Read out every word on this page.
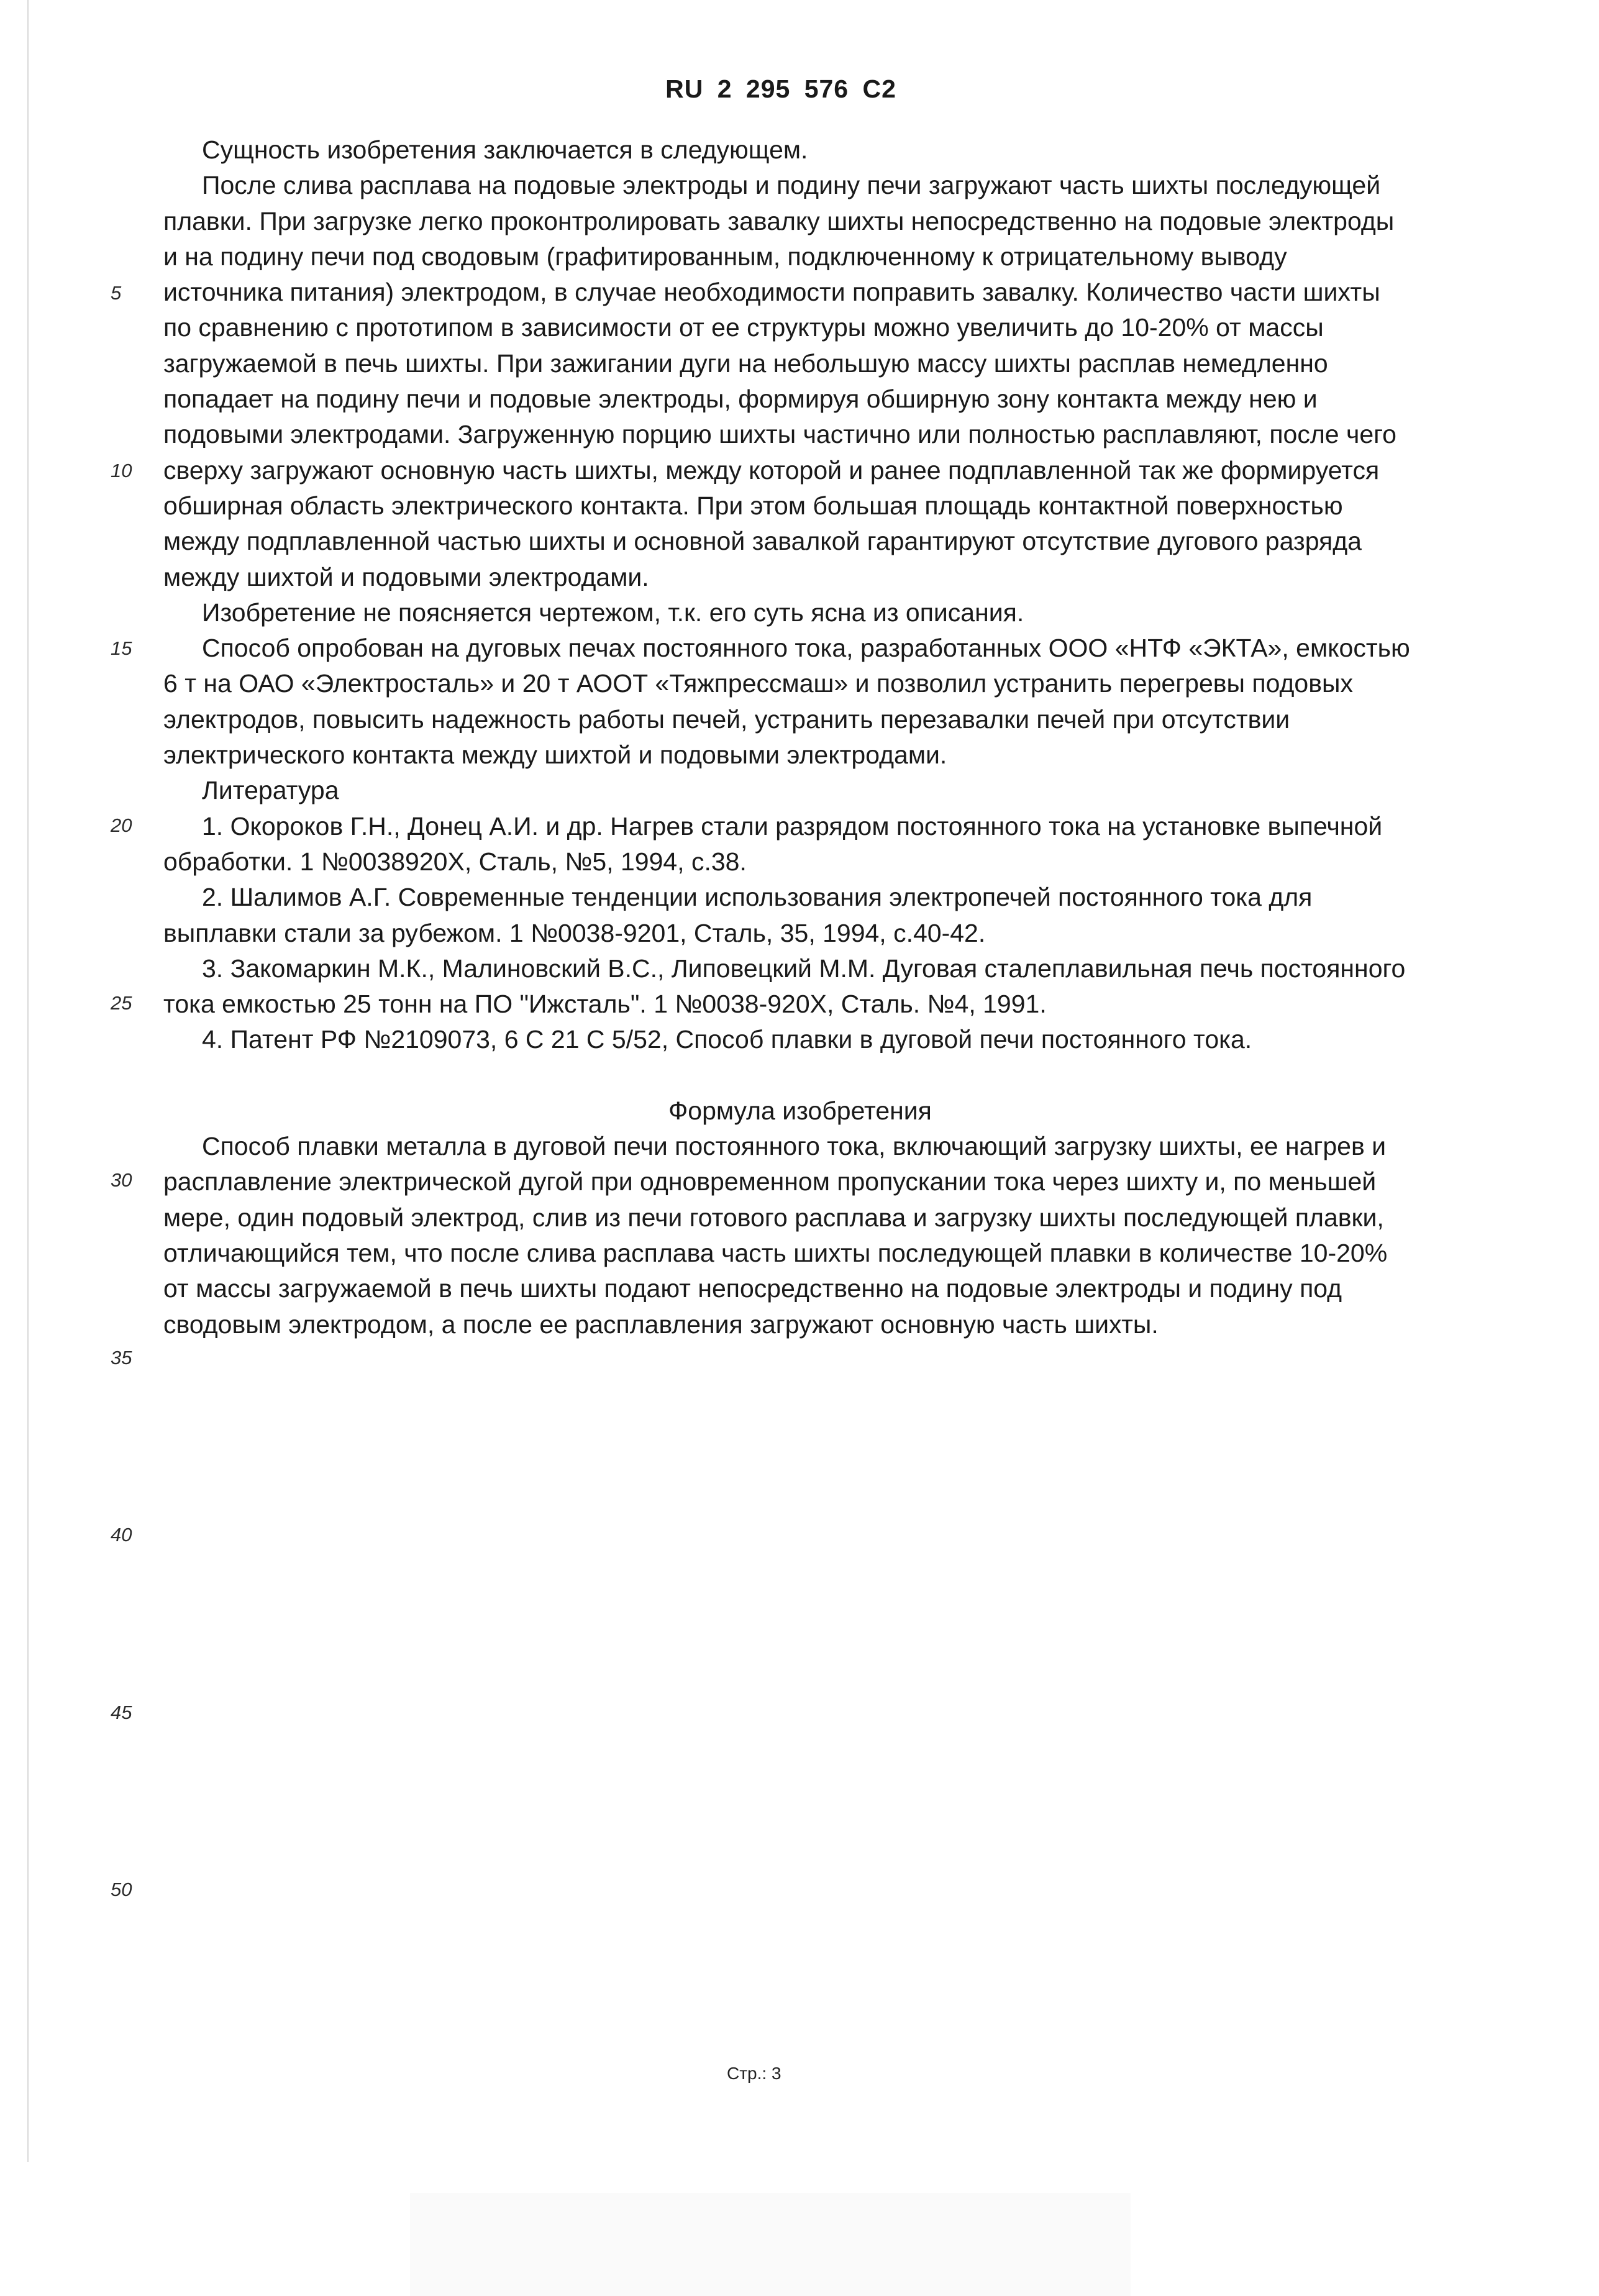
RU 2 295 576 C2

Сущность изобретения заключается в следующем.

После слива расплава на подовые электроды и подину печи загружают часть шихты последующей плавки. При загрузке легко проконтролировать завалку шихты непосредственно на подовые электроды и на подину печи под сводовым (графитированным, подключенному к отрицательному выводу источника питания) электродом, в случае необходимости поправить завалку. Количество части шихты по сравнению с прототипом в зависимости от ее структуры можно увеличить до 10-20% от массы загружаемой в печь шихты. При зажигании дуги на небольшую массу шихты расплав немедленно попадает на подину печи и подовые электроды, формируя обширную зону контакта между нею и подовыми электродами. Загруженную порцию шихты частично или полностью расплавляют, после чего сверху загружают основную часть шихты, между которой и ранее подплавленной так же формируется обширная область электрического контакта. При этом большая площадь контактной поверхностью между подплавленной частью шихты и основной завалкой гарантируют отсутствие дугового разряда между шихтой и подовыми электродами.

Изобретение не поясняется чертежом, т.к. его суть ясна из описания.

Способ опробован на дуговых печах постоянного тока, разработанных ООО «НТФ «ЭКТА», емкостью 6 т на ОАО «Электросталь» и 20 т АООТ «Тяжпрессмаш» и позволил устранить перегревы подовых электродов, повысить надежность работы печей, устранить перезавалки печей при отсутствии электрического контакта между шихтой и подовыми электродами.

Литература

1. Окороков Г.Н., Донец А.И. и др. Нагрев стали разрядом постоянного тока на установке выпечной обработки. 1 №0038920Х, Сталь, №5, 1994, с.38.

2. Шалимов А.Г. Современные тенденции использования электропечей постоянного тока для выплавки стали за рубежом. 1 №0038-9201, Сталь, 35, 1994, с.40-42.

3. Закомаркин М.К., Малиновский В.С., Липовецкий М.М. Дуговая сталеплавильная печь постоянного тока емкостью 25 тонн на ПО "Ижсталь". 1 №0038-920Х, Сталь. №4, 1991.

4. Патент РФ №2109073, 6 С 21 С 5/52, Способ плавки в дуговой печи постоянного тока.

Формула изобретения

Способ плавки металла в дуговой печи постоянного тока, включающий загрузку шихты, ее нагрев и расплавление электрической дугой при одновременном пропускании тока через шихту и, по меньшей мере, один подовый электрод, слив из печи готового расплава и загрузку шихты последующей плавки, отличающийся тем, что после слива расплава часть шихты последующей плавки в количестве 10-20% от массы загружаемой в печь шихты подают непосредственно на подовые электроды и подину под сводовым электродом, а после ее расплавления загружают основную часть шихты.

5
10
15
20
25
30
35
40
45
50
Стр.: 3
